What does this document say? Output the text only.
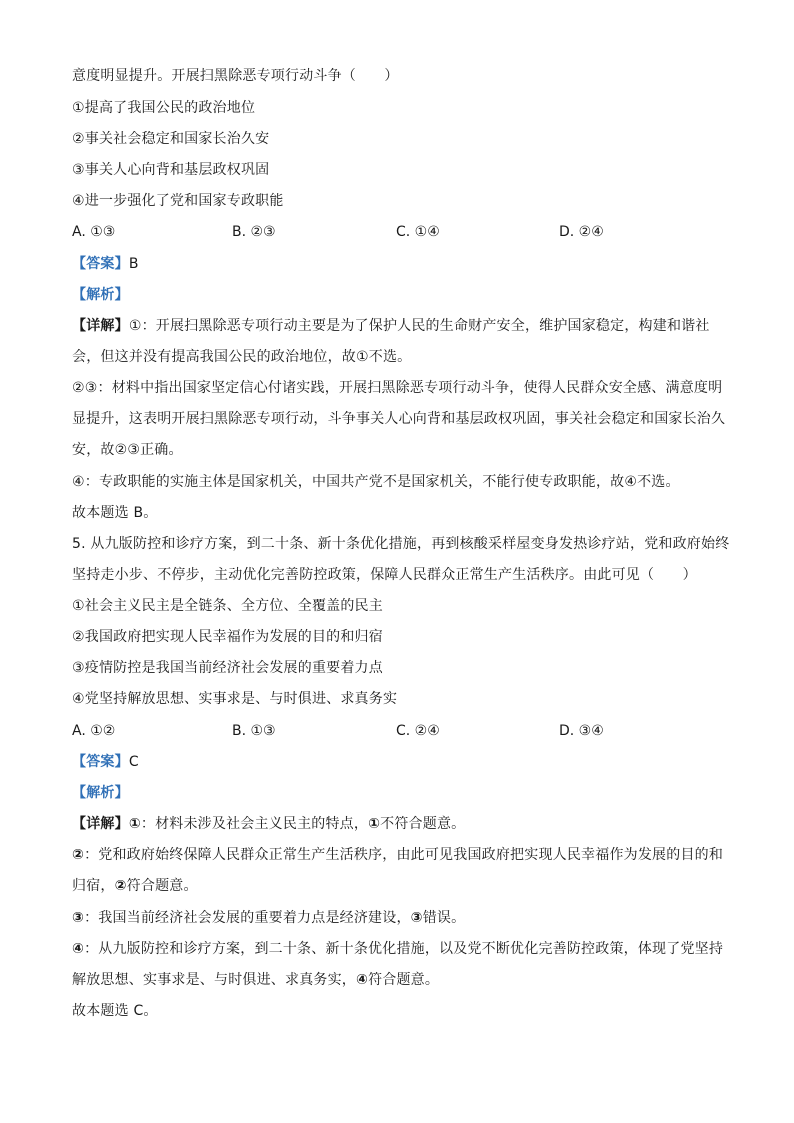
意度明显提升。开展扫黑除恶专项行动斗争（　　）
①提高了我国公民的政治地位
②事关社会稳定和国家长治久安
③事关人心向背和基层政权巩固
④进一步强化了党和国家专政职能
A. ①③	B. ②③	C. ①④	D. ②④
【答案】B
【解析】
【详解】①：开展扫黑除恶专项行动主要是为了保护人民的生命财产安全，维护国家稳定，构建和谐社
会，但这并没有提高我国公民的政治地位，故①不选。
②③：材料中指出国家坚定信心付诸实践，开展扫黑除恶专项行动斗争，使得人民群众安全感、满意度明
显提升，这表明开展扫黑除恶专项行动，斗争事关人心向背和基层政权巩固，事关社会稳定和国家长治久
安，故②③正确。
④：专政职能的实施主体是国家机关，中国共产党不是国家机关，不能行使专政职能，故④不选。
故本题选 B。
5. 从九版防控和诊疗方案，到二十条、新十条优化措施，再到核酸采样屋变身发热诊疗站，党和政府始终
坚持走小步、不停步，主动优化完善防控政策，保障人民群众正常生产生活秩序。由此可见（　　）
①社会主义民主是全链条、全方位、全覆盖的民主
②我国政府把实现人民幸福作为发展的目的和归宿
③疫情防控是我国当前经济社会发展的重要着力点
④党坚持解放思想、实事求是、与时俱进、求真务实
A. ①②	B. ①③	C. ②④	D. ③④
【答案】C
【解析】
【详解】①：材料未涉及社会主义民主的特点，①不符合题意。
②：党和政府始终保障人民群众正常生产生活秩序，由此可见我国政府把实现人民幸福作为发展的目的和
归宿，②符合题意。
③：我国当前经济社会发展的重要着力点是经济建设，③错误。
④：从九版防控和诊疗方案，到二十条、新十条优化措施，以及党不断优化完善防控政策，体现了党坚持
解放思想、实事求是、与时俱进、求真务实，④符合题意。
故本题选 C。
